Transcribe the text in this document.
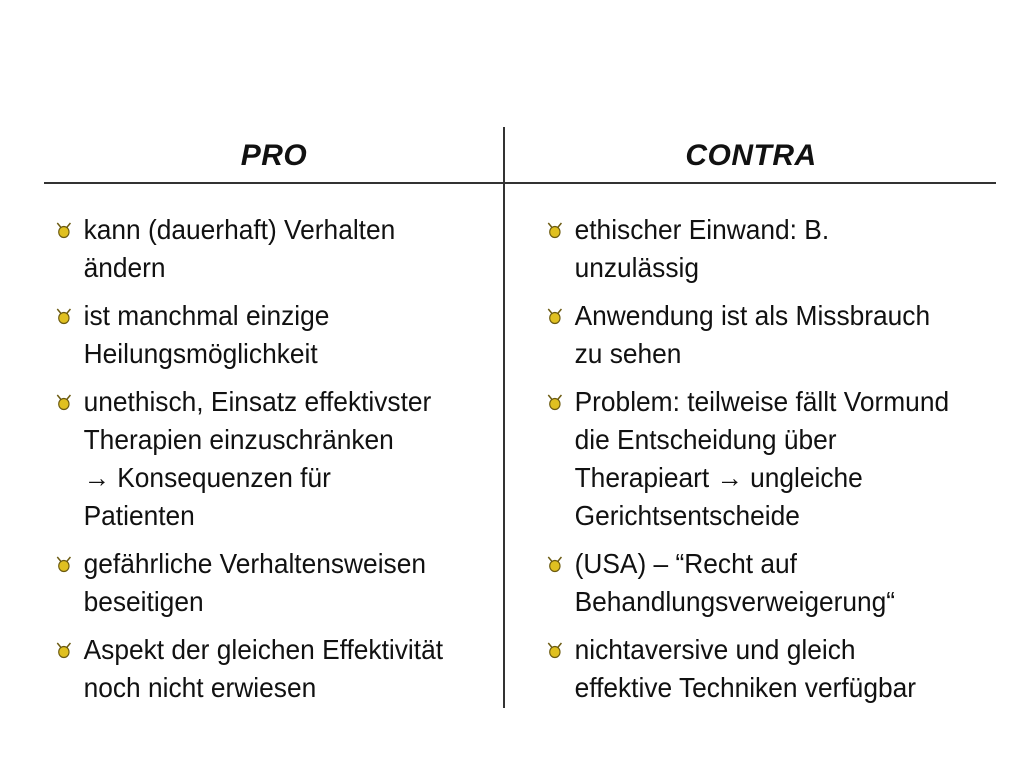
PRO	CONTRA
kann (dauerhaft) Verhalten
ändern
ist manchmal einzige
Heilungsmöglichkeit
unethisch, Einsatz effektivster
Therapien einzuschränken
→ Konsequenzen für
Patienten
gefährliche Verhaltensweisen
beseitigen
Aspekt der gleichen Effektivität
noch nicht erwiesen
ethischer Einwand: B.
unzulässig
Anwendung ist als Missbrauch
zu sehen
Problem: teilweise fällt Vormund
die Entscheidung über
Therapieart → ungleiche
Gerichtsentscheide
(USA) – “Recht auf
Behandlungsverweigerung“
nichtaversive und gleich
effektive Techniken verfügbar
